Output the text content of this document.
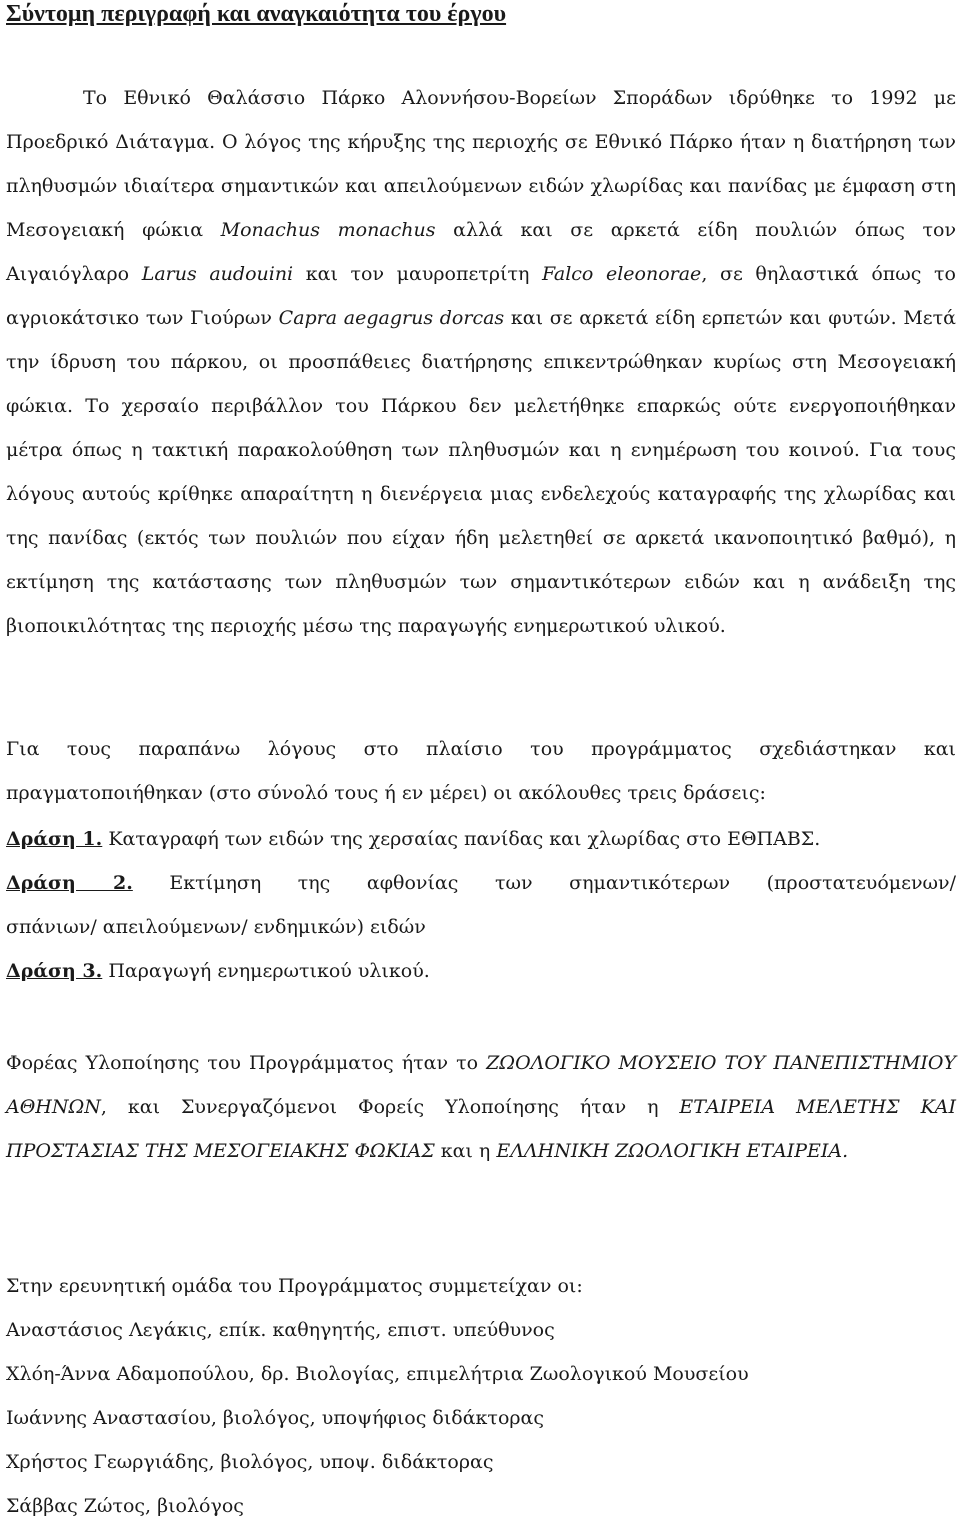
Σύντομη περιγραφή και αναγκαιότητα του έργου

Το Εθνικό Θαλάσσιο Πάρκο Αλοννήσου-Βορείων Σποράδων ιδρύθηκε το 1992 με Προεδρικό Διάταγμα. Ο λόγος της κήρυξης της περιοχής σε Εθνικό Πάρκο ήταν η διατήρηση των πληθυσμών ιδιαίτερα σημαντικών και απειλούμενων ειδών χλωρίδας και πανίδας με έμφαση στη Μεσογειακή φώκια Monachus monachus αλλά και σε αρκετά είδη πουλιών όπως τον Αιγαιόγλαρο Larus audouini και τον μαυροπετρίτη Falco eleonorae, σε θηλαστικά όπως το αγριοκάτσικο των Γιούρων Capra aegagrus dorcas και σε αρκετά είδη ερπετών και φυτών. Μετά την ίδρυση του πάρκου, οι προσπάθειες διατήρησης επικεντρώθηκαν κυρίως στη Μεσογειακή φώκια. Το χερσαίο περιβάλλον του Πάρκου δεν μελετήθηκε επαρκώς ούτε ενεργοποιήθηκαν μέτρα όπως η τακτική παρακολούθηση των πληθυσμών και η ενημέρωση του κοινού. Για τους λόγους αυτούς κρίθηκε απαραίτητη η διενέργεια μιας ενδελεχούς καταγραφής της χλωρίδας και της πανίδας (εκτός των πουλιών που είχαν ήδη μελετηθεί σε αρκετά ικανοποιητικό βαθμό), η εκτίμηση της κατάστασης των πληθυσμών των σημαντικότερων ειδών και η ανάδειξη της βιοποικιλότητας της περιοχής μέσω της παραγωγής ενημερωτικού υλικού.

Για τους παραπάνω λόγους στο πλαίσιο του προγράμματος σχεδιάστηκαν και πραγματοποιήθηκαν (στο σύνολό τους ή εν μέρει) οι ακόλουθες τρεις δράσεις:

Δράση 1. Καταγραφή των ειδών της χερσαίας πανίδας και χλωρίδας στο ΕΘΠΑΒΣ.

Δράση 2. Εκτίμηση της αφθονίας των σημαντικότερων (προστατευόμενων/

σπάνιων/ απειλούμενων/ ενδημικών) ειδών

Δράση 3. Παραγωγή ενημερωτικού υλικού.

Φορέας Υλοποίησης του Προγράμματος ήταν το ΖΩΟΛΟΓΙΚΟ ΜΟΥΣΕΙΟ ΤΟΥ ΠΑΝΕΠΙΣΤΗΜΙΟΥ ΑΘΗΝΩΝ, και Συνεργαζόμενοι Φορείς Υλοποίησης ήταν η ΕΤΑΙΡΕΙΑ ΜΕΛΕΤΗΣ ΚΑΙ ΠΡΟΣΤΑΣΙΑΣ ΤΗΣ ΜΕΣΟΓΕΙΑΚΗΣ ΦΩΚΙΑΣ και η ΕΛΛΗΝΙΚΗ ΖΩΟΛΟΓΙΚΗ ΕΤΑΙΡΕΙΑ.

Στην ερευνητική ομάδα του Προγράμματος συμμετείχαν οι:

Αναστάσιος Λεγάκις, επίκ. καθηγητής, επιστ. υπεύθυνος

Χλόη-Άννα Αδαμοπούλου, δρ. Βιολογίας, επιμελήτρια Ζωολογικού Μουσείου

Ιωάννης Αναστασίου, βιολόγος, υποψήφιος διδάκτορας

Χρήστος Γεωργιάδης, βιολόγος, υποψ. διδάκτορας

Σάββας Ζώτος, βιολόγος
